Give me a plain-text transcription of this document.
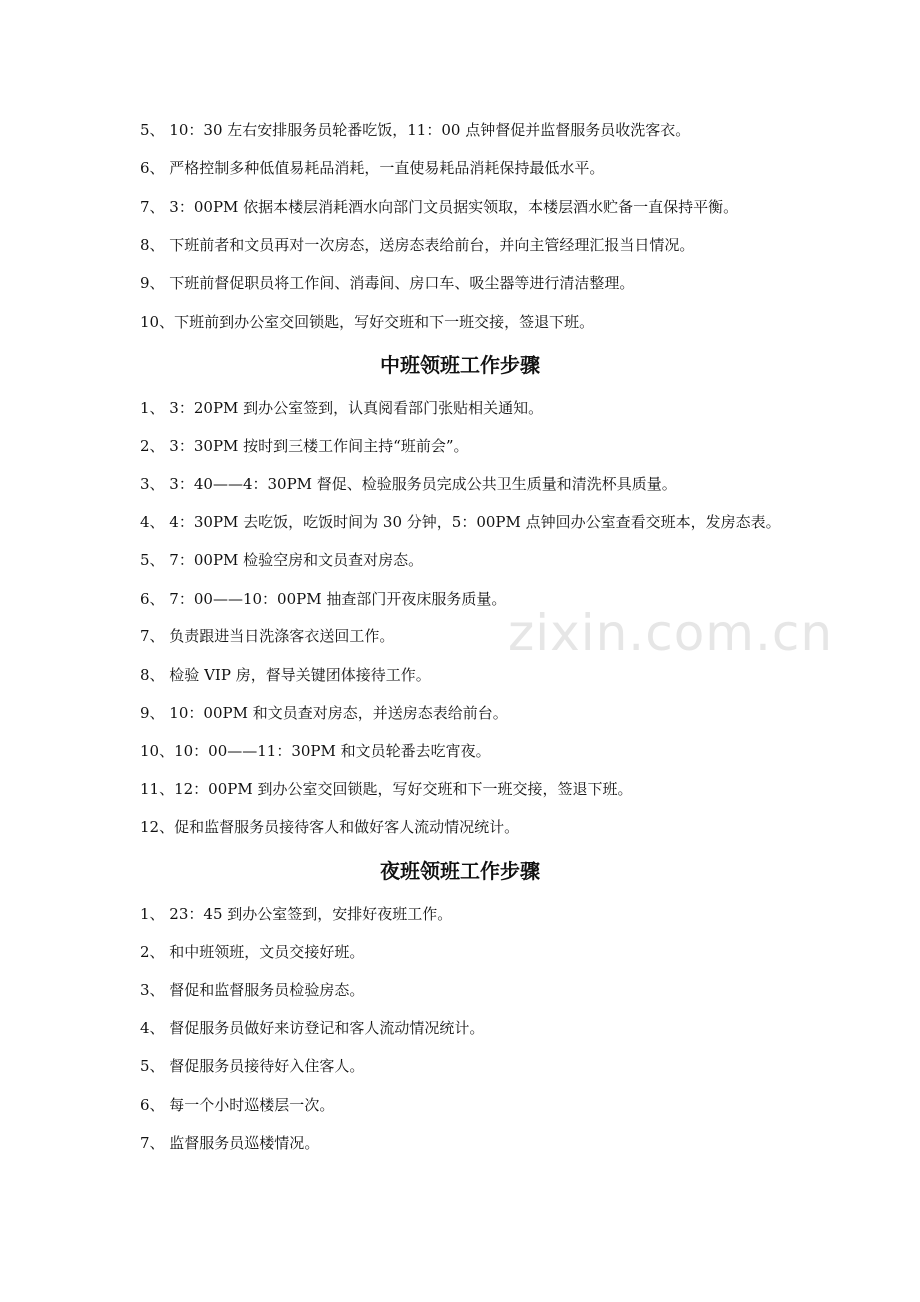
zixin.com.cn
5、 10：30 左右安排服务员轮番吃饭，11：00 点钟督促并监督服务员收洗客衣。
6、 严格控制多种低值易耗品消耗，一直使易耗品消耗保持最低水平。
7、 3：00PM 依据本楼层消耗酒水向部门文员据实领取，本楼层酒水贮备一直保持平衡。
8、 下班前者和文员再对一次房态，送房态表给前台，并向主管经理汇报当日情况。
9、 下班前督促职员将工作间、消毒间、房口车、吸尘器等进行清洁整理。
10、下班前到办公室交回锁匙，写好交班和下一班交接，签退下班。
中班领班工作步骤
1、 3：20PM 到办公室签到，认真阅看部门张贴相关通知。
2、 3：30PM 按时到三楼工作间主持“班前会”。
3、 3：40——4：30PM 督促、检验服务员完成公共卫生质量和清洗杯具质量。
4、 4：30PM 去吃饭，吃饭时间为 30 分钟，5：00PM 点钟回办公室查看交班本，发房态表。
5、 7：00PM 检验空房和文员查对房态。
6、 7：00——10：00PM 抽查部门开夜床服务质量。
7、 负责跟进当日洗涤客衣送回工作。
8、 检验 VIP 房，督导关键团体接待工作。
9、 10：00PM 和文员查对房态，并送房态表给前台。
10、10：00——11：30PM 和文员轮番去吃宵夜。
11、12：00PM 到办公室交回锁匙，写好交班和下一班交接，签退下班。
12、促和监督服务员接待客人和做好客人流动情况统计。
夜班领班工作步骤
1、 23：45 到办公室签到，安排好夜班工作。
2、 和中班领班，文员交接好班。
3、 督促和监督服务员检验房态。
4、 督促服务员做好来访登记和客人流动情况统计。
5、 督促服务员接待好入住客人。
6、 每一个小时巡楼层一次。
7、 监督服务员巡楼情况。
